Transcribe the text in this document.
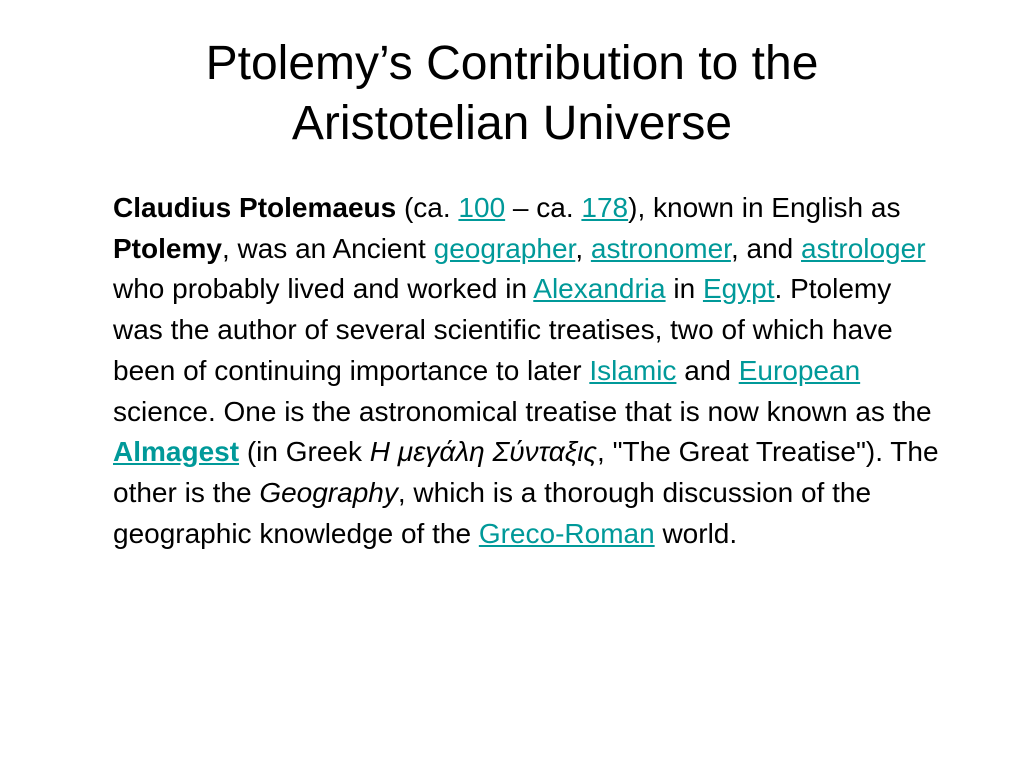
Ptolemy’s Contribution to the
Aristotelian Universe

Claudius Ptolemaeus (ca. 100 – ca. 178), known in English as Ptolemy, was an Ancient geographer, astronomer, and astrologer who probably lived and worked in Alexandria in Egypt. Ptolemy was the author of several scientific treatises, two of which have been of continuing importance to later Islamic and European science. One is the astronomical treatise that is now known as the Almagest (in Greek Η μεγάλη Σύνταξις, "The Great Treatise"). The other is the Geography, which is a thorough discussion of the geographic knowledge of the Greco-Roman world.
